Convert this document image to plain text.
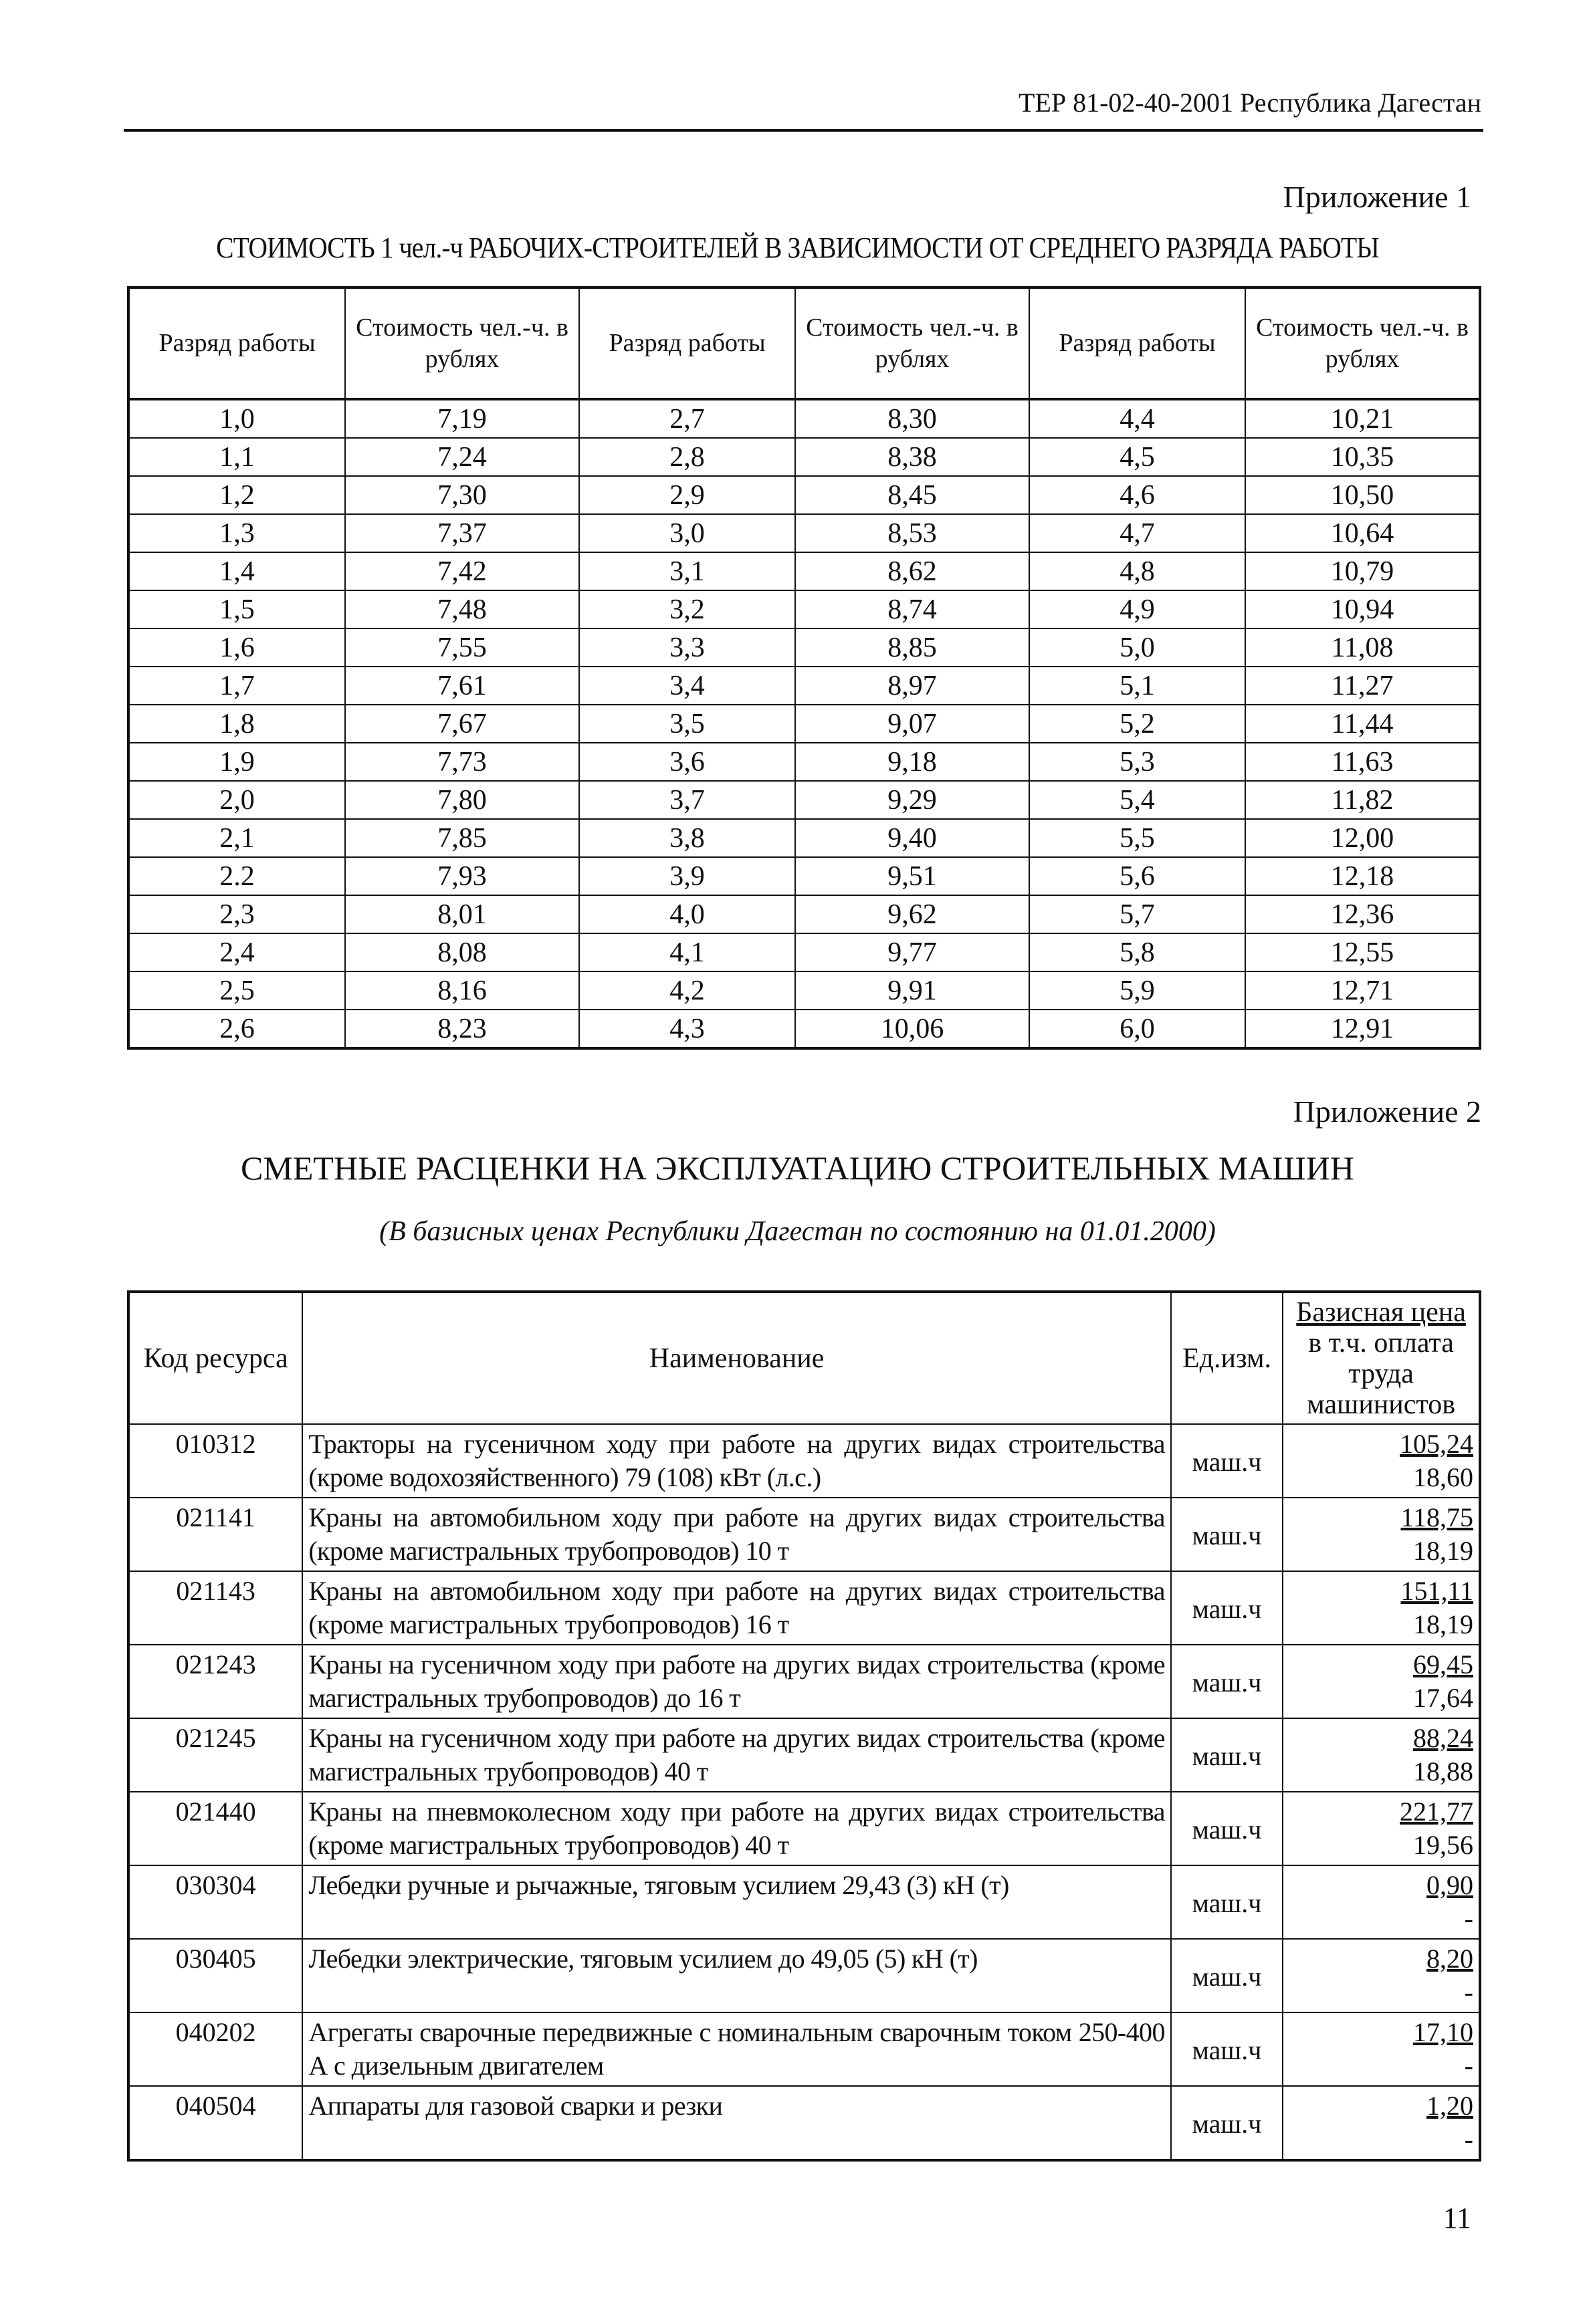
ТЕР 81-02-40-2001 Республика Дагестан
Приложение 1
СТОИМОСТЬ 1 чел.-ч РАБОЧИХ-СТРОИТЕЛЕЙ В ЗАВИСИМОСТИ ОТ СРЕДНЕГО РАЗРЯДА РАБОТЫ
Разряд работы	Стоимость чел.-ч. в рублях	Разряд работы	Стоимость чел.-ч. в рублях	Разряд работы	Стоимость чел.-ч. в рублях
1,0	7,19	2,7	8,30	4,4	10,21
1,1	7,24	2,8	8,38	4,5	10,35
1,2	7,30	2,9	8,45	4,6	10,50
1,3	7,37	3,0	8,53	4,7	10,64
1,4	7,42	3,1	8,62	4,8	10,79
1,5	7,48	3,2	8,74	4,9	10,94
1,6	7,55	3,3	8,85	5,0	11,08
1,7	7,61	3,4	8,97	5,1	11,27
1,8	7,67	3,5	9,07	5,2	11,44
1,9	7,73	3,6	9,18	5,3	11,63
2,0	7,80	3,7	9,29	5,4	11,82
2,1	7,85	3,8	9,40	5,5	12,00
2.2	7,93	3,9	9,51	5,6	12,18
2,3	8,01	4,0	9,62	5,7	12,36
2,4	8,08	4,1	9,77	5,8	12,55
2,5	8,16	4,2	9,91	5,9	12,71
2,6	8,23	4,3	10,06	6,0	12,91
Приложение 2
СМЕТНЫЕ РАСЦЕНКИ НА ЭКСПЛУАТАЦИЮ СТРОИТЕЛЬНЫХ МАШИН
(В базисных ценах Республики Дагестан по состоянию на 01.01.2000)
Код ресурса	Наименование	Ед.изм.	Базисная цена
в т.ч. оплата труда машинистов
010312	Тракторы на гусеничном ходу при работе на других видах строительства (кроме водохозяйственного) 79 (108) кВт (л.с.)	маш.ч	105,24
18,60

021141	Краны на автомобильном ходу при работе на других видах строительства (кроме магистральных трубопроводов) 10 т	маш.ч	118,75
18,19

021143	Краны на автомобильном ходу при работе на других видах строительства (кроме магистральных трубопроводов) 16 т	маш.ч	151,11
18,19

021243	Краны на гусеничном ходу при работе на других видах строительства (кроме магистральных трубопроводов) до 16 т	маш.ч	69,45
17,64

021245	Краны на гусеничном ходу при работе на других видах строительства (кроме магистральных трубопроводов) 40 т	маш.ч	88,24
18,88

021440	Краны на пневмоколесном ходу при работе на других видах строительства (кроме магистральных трубопроводов) 40 т	маш.ч	221,77
19,56

030304	Лебедки ручные и рычажные, тяговым усилием 29,43 (3) кН (т)	маш.ч	0,90
-

030405	Лебедки электрические, тяговым усилием до 49,05 (5) кН (т)	маш.ч	8,20
-

040202	Агрегаты сварочные передвижные с номинальным сварочным током 250-400 А с дизельным двигателем	маш.ч	17,10
-

040504	Аппараты для газовой сварки и резки	маш.ч	1,20
-
11
